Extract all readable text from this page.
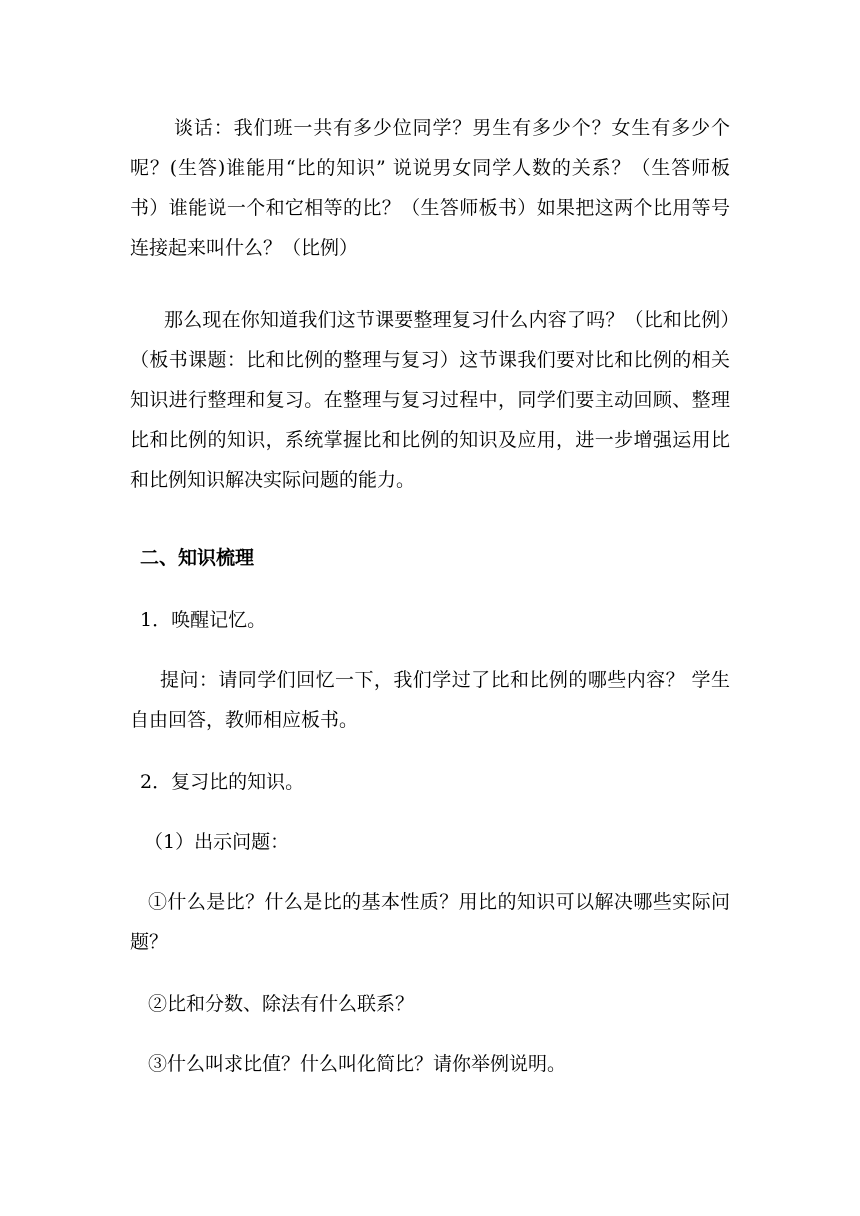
谈话：我们班一共有多少位同学？男生有多少个？女生有多少个呢？(生答)谁能用“比的知识” 说说男女同学人数的关系？（生答师板书）谁能说一个和它相等的比？（生答师板书）如果把这两个比用等号连接起来叫什么？（比例）

那么现在你知道我们这节课要整理复习什么内容了吗？（比和比例）（板书课题：比和比例的整理与复习）这节课我们要对比和比例的相关知识进行整理和复习。在整理与复习过程中，同学们要主动回顾、整理比和比例的知识，系统掌握比和比例的知识及应用，进一步增强运用比和比例知识解决实际问题的能力。

二、知识梳理

1．唤醒记忆。

提问：请同学们回忆一下，我们学过了比和比例的哪些内容？ 学生自由回答，教师相应板书。

2．复习比的知识。

（1）出示问题：

①什么是比？什么是比的基本性质？用比的知识可以解决哪些实际问题？

②比和分数、除法有什么联系？

③什么叫求比值？什么叫化简比？请你举例说明。
